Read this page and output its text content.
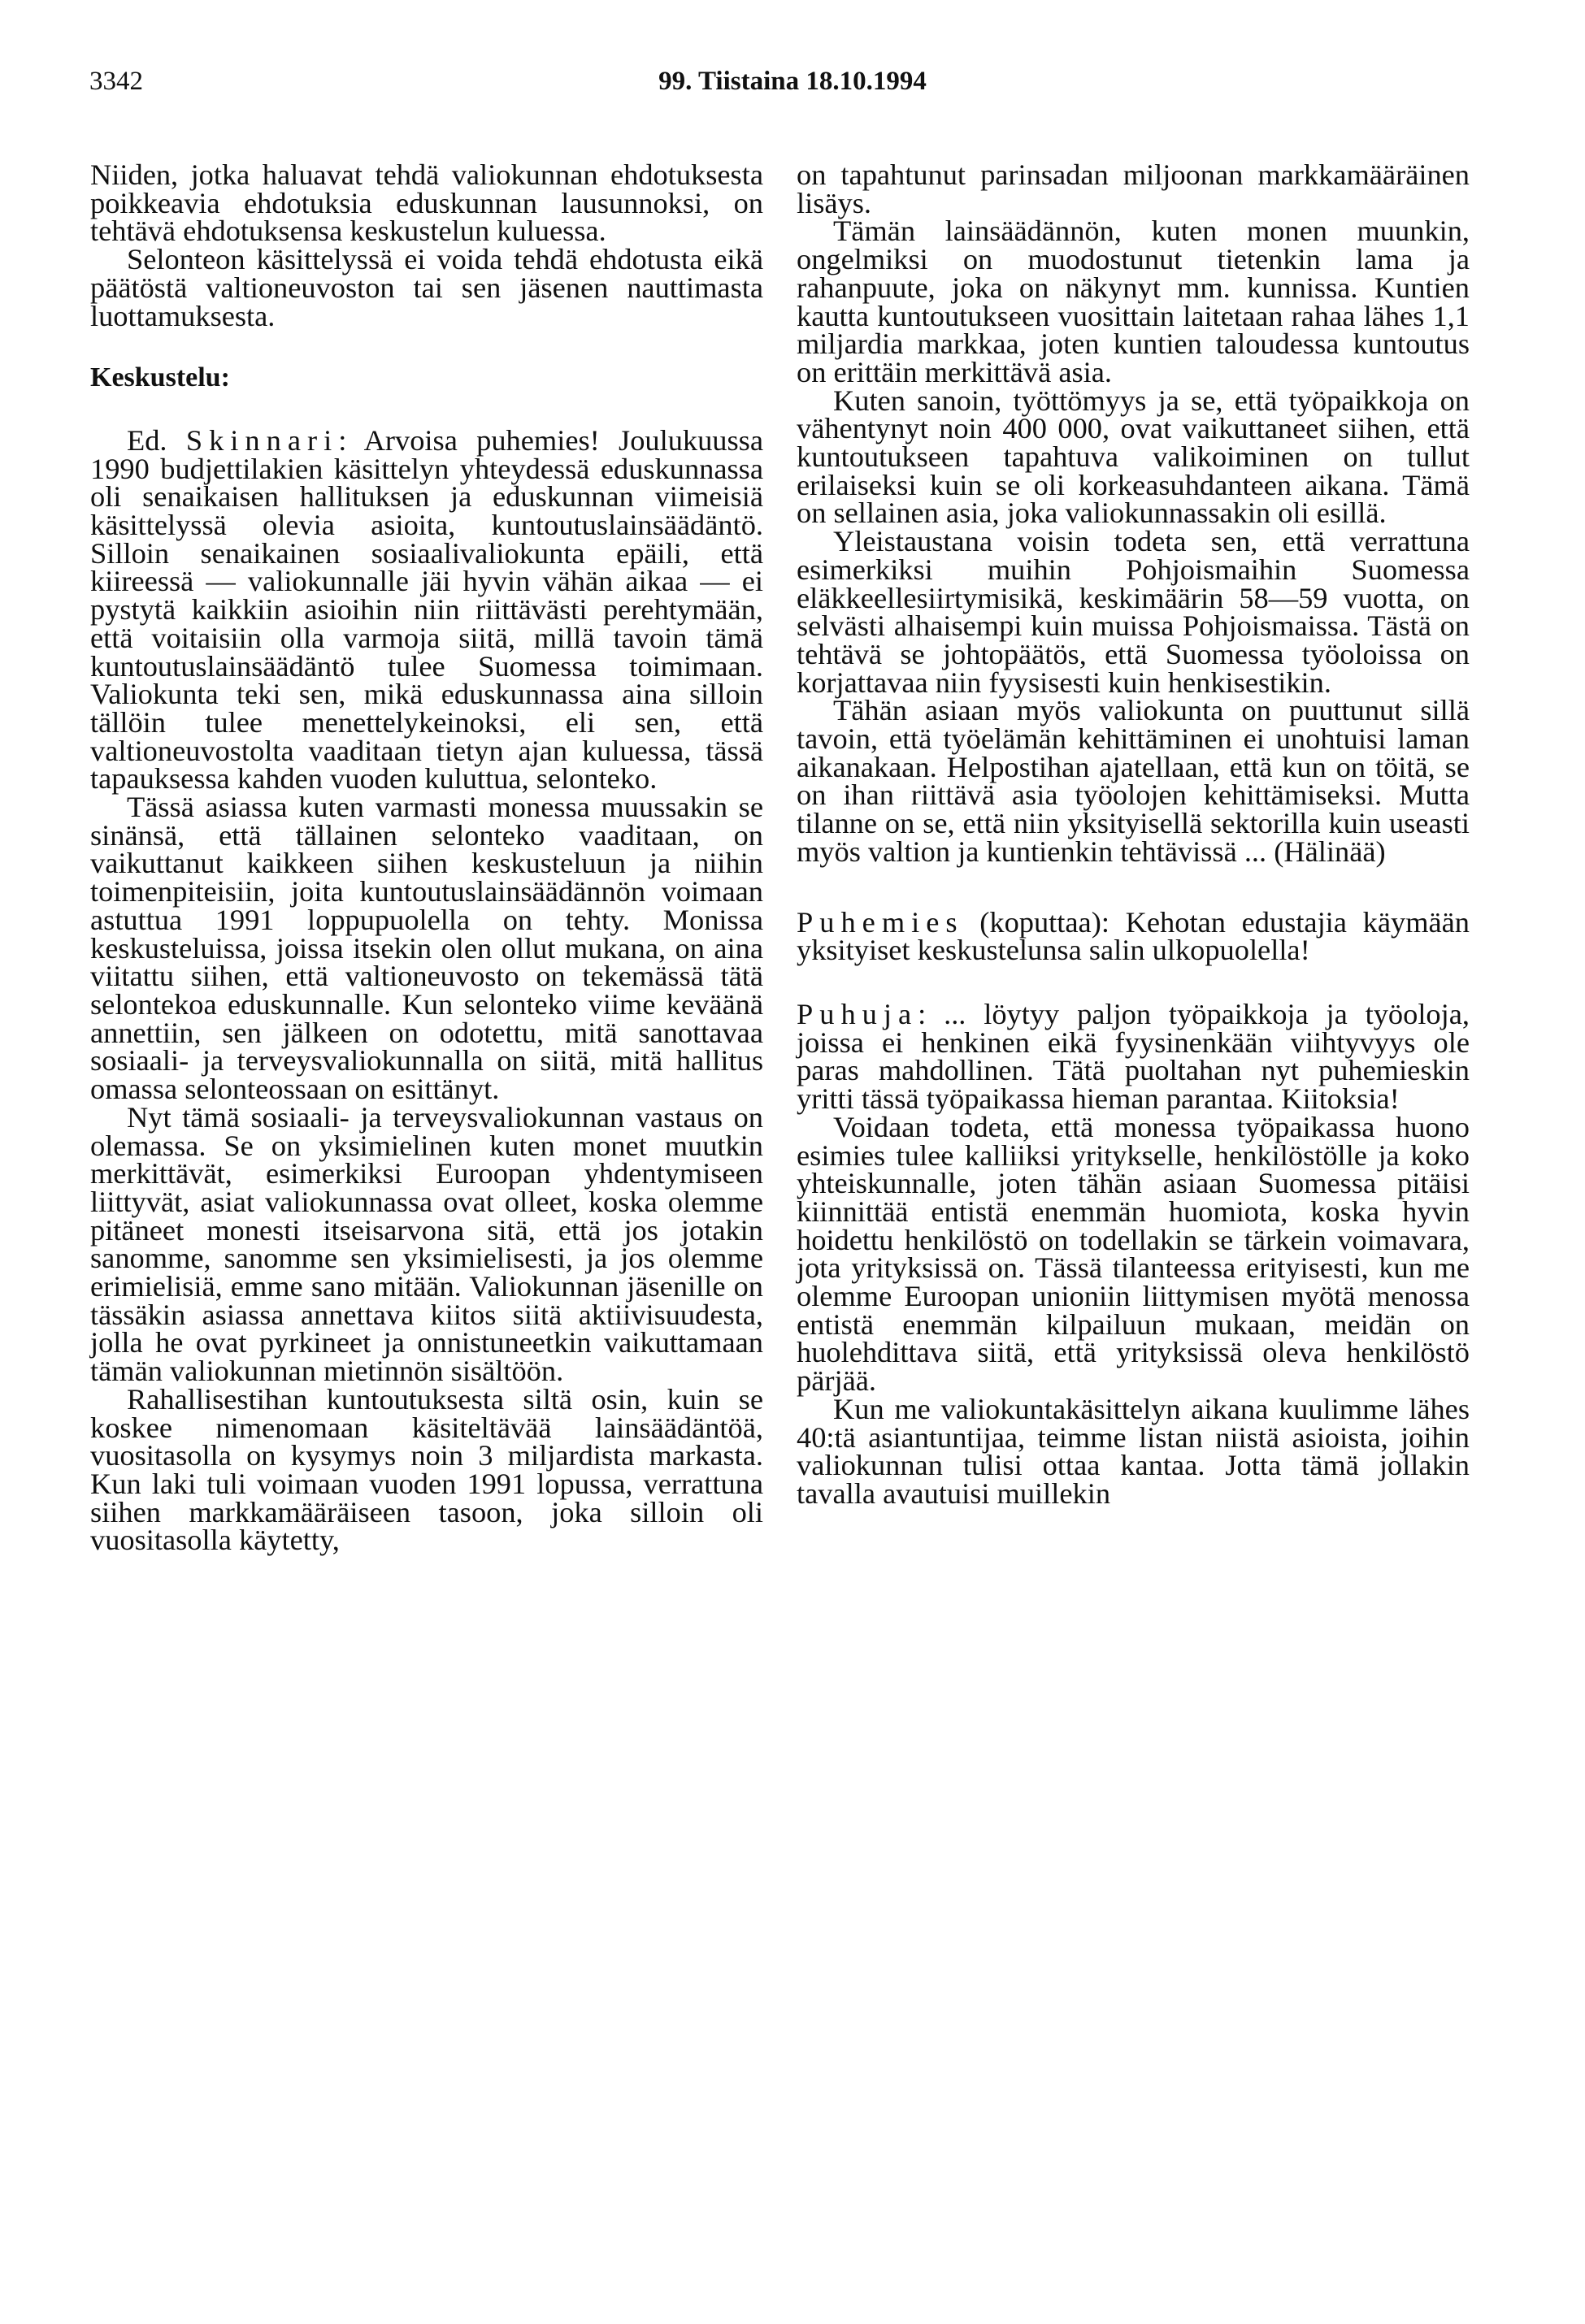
3342	99. Tiistaina 18.10.1994

Niiden, jotka haluavat tehdä valiokunnan ehdotuksesta poikkeavia ehdotuksia eduskunnan lausunnoksi, on tehtävä ehdotuksensa keskustelun kuluessa.

Selonteon käsittelyssä ei voida tehdä ehdotusta eikä päätöstä valtioneuvoston tai sen jäsenen nauttimasta luottamuksesta.

Keskustelu:

Ed. Skinnari: Arvoisa puhemies! Joulukuussa 1990 budjettilakien käsittelyn yhteydessä eduskunnassa oli senaikaisen hallituksen ja eduskunnan viimeisiä käsittelyssä olevia asioita, kuntoutuslainsäädäntö. Silloin senaikainen sosiaalivaliokunta epäili, että kiireessä — valiokunnalle jäi hyvin vähän aikaa — ei pystytä kaikkiin asioihin niin riittävästi perehtymään, että voitaisiin olla varmoja siitä, millä tavoin tämä kuntoutuslainsäädäntö tulee Suomessa toimimaan. Valiokunta teki sen, mikä eduskunnassa aina silloin tällöin tulee menettelykeinoksi, eli sen, että valtioneuvostolta vaaditaan tietyn ajan kuluessa, tässä tapauksessa kahden vuoden kuluttua, selonteko.

Tässä asiassa kuten varmasti monessa muussakin se sinänsä, että tällainen selonteko vaaditaan, on vaikuttanut kaikkeen siihen keskusteluun ja niihin toimenpiteisiin, joita kuntoutuslainsäädännön voimaan astuttua 1991 loppupuolella on tehty. Monissa keskusteluissa, joissa itsekin olen ollut mukana, on aina viitattu siihen, että valtioneuvosto on tekemässä tätä selontekoa eduskunnalle. Kun selonteko viime keväänä annettiin, sen jälkeen on odotettu, mitä sanottavaa sosiaali- ja terveysvaliokunnalla on siitä, mitä hallitus omassa selonteossaan on esittänyt.

Nyt tämä sosiaali- ja terveysvaliokunnan vastaus on olemassa. Se on yksimielinen kuten monet muutkin merkittävät, esimerkiksi Euroopan yhdentymiseen liittyvät, asiat valiokunnassa ovat olleet, koska olemme pitäneet monesti itseisarvona sitä, että jos jotakin sanomme, sanomme sen yksimielisesti, ja jos olemme erimielisiä, emme sano mitään. Valiokunnan jäsenille on tässäkin asiassa annettava kiitos siitä aktiivisuudesta, jolla he ovat pyrkineet ja onnistuneetkin vaikuttamaan tämän valiokunnan mietinnön sisältöön.

Rahallisestihan kuntoutuksesta siltä osin, kuin se koskee nimenomaan käsiteltävää lainsäädäntöä, vuositasolla on kysymys noin 3 miljardista markasta. Kun laki tuli voimaan vuoden 1991 lopussa, verrattuna siihen markkamääräiseen tasoon, joka silloin oli vuositasolla käytetty,

on tapahtunut parinsadan miljoonan markkamääräinen lisäys.

Tämän lainsäädännön, kuten monen muunkin, ongelmiksi on muodostunut tietenkin lama ja rahanpuute, joka on näkynyt mm. kunnissa. Kuntien kautta kuntoutukseen vuosittain laitetaan rahaa lähes 1,1 miljardia markkaa, joten kuntien taloudessa kuntoutus on erittäin merkittävä asia.

Kuten sanoin, työttömyys ja se, että työpaikkoja on vähentynyt noin 400 000, ovat vaikuttaneet siihen, että kuntoutukseen tapahtuva valikoiminen on tullut erilaiseksi kuin se oli korkeasuhdanteen aikana. Tämä on sellainen asia, joka valiokunnassakin oli esillä.

Yleistaustana voisin todeta sen, että verrattuna esimerkiksi muihin Pohjoismaihin Suomessa eläkkeellesiirtymisikä, keskimäärin 58—59 vuotta, on selvästi alhaisempi kuin muissa Pohjoismaissa. Tästä on tehtävä se johtopäätös, että Suomessa työoloissa on korjattavaa niin fyysisesti kuin henkisestikin.

Tähän asiaan myös valiokunta on puuttunut sillä tavoin, että työelämän kehittäminen ei unohtuisi laman aikanakaan. Helpostihan ajatellaan, että kun on töitä, se on ihan riittävä asia työolojen kehittämiseksi. Mutta tilanne on se, että niin yksityisellä sektorilla kuin useasti myös valtion ja kuntienkin tehtävissä ... (Hälinää)

Puhemies (koputtaa): Kehotan edustajia käymään yksityiset keskustelunsa salin ulkopuolella!

Puhuja: ... löytyy paljon työpaikkoja ja työoloja, joissa ei henkinen eikä fyysinenkään viihtyvyys ole paras mahdollinen. Tätä puoltahan nyt puhemieskin yritti tässä työpaikassa hieman parantaa. Kiitoksia!

Voidaan todeta, että monessa työpaikassa huono esimies tulee kalliiksi yritykselle, henkilöstölle ja koko yhteiskunnalle, joten tähän asiaan Suomessa pitäisi kiinnittää entistä enemmän huomiota, koska hyvin hoidettu henkilöstö on todellakin se tärkein voimavara, jota yrityksissä on. Tässä tilanteessa erityisesti, kun me olemme Euroopan unioniin liittymisen myötä menossa entistä enemmän kilpailuun mukaan, meidän on huolehdittava siitä, että yrityksissä oleva henkilöstö pärjää.

Kun me valiokuntakäsittelyn aikana kuulimme lähes 40:tä asiantuntijaa, teimme listan niistä asioista, joihin valiokunnan tulisi ottaa kantaa. Jotta tämä jollakin tavalla avautuisi muillekin
